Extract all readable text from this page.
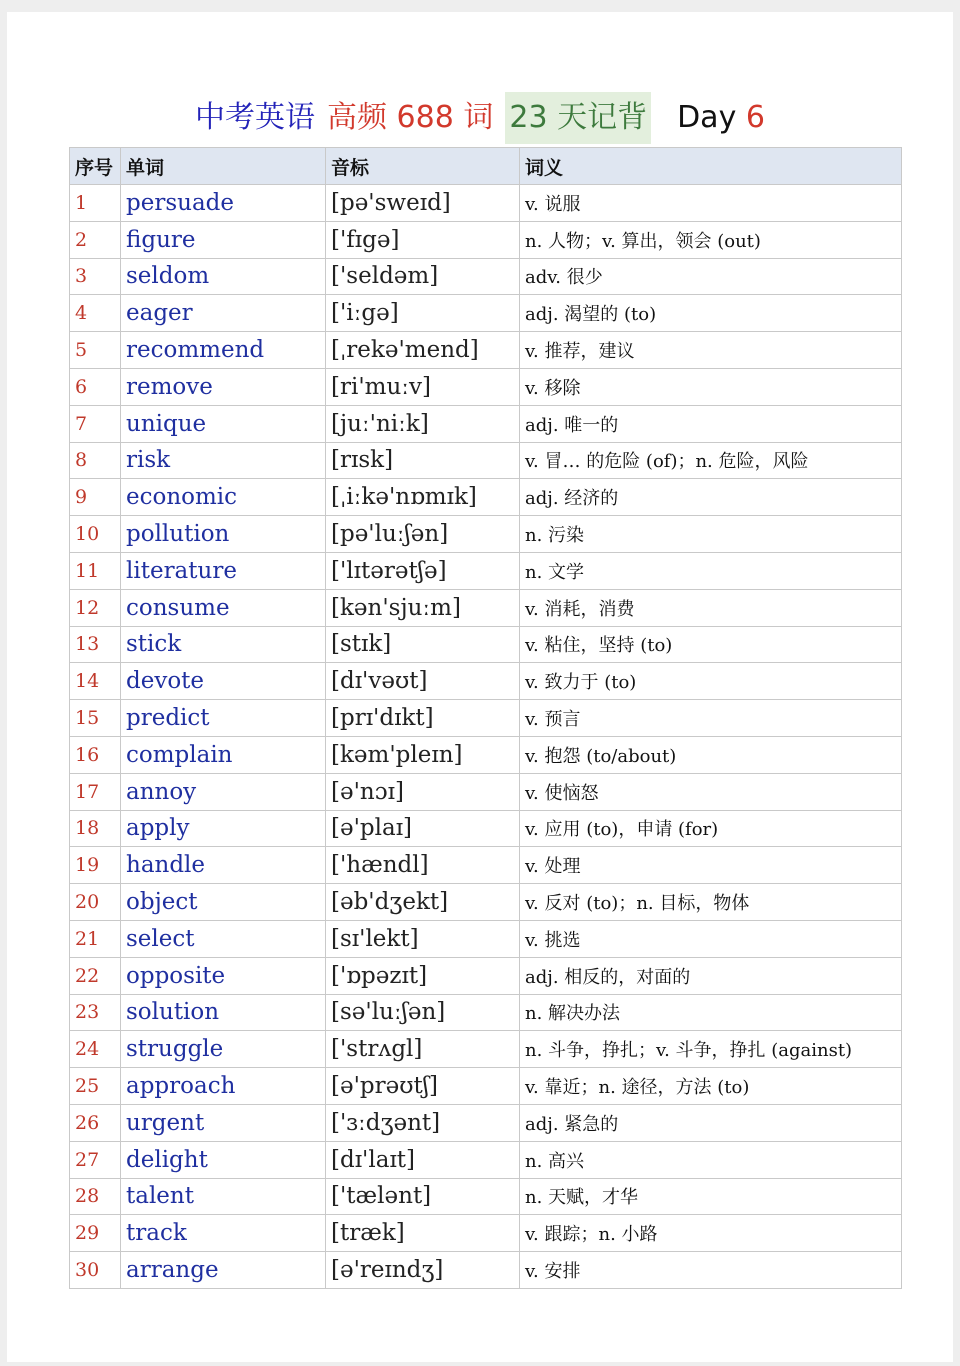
中考英语 高频 688 词 23 天记背 Day 6
序号	单词	音标	词义
1	persuade	[pə'sweɪd]	v. 说服
2	figure	['fɪgə]	n. 人物；v. 算出，领会 (out)
3	seldom	['seldəm]	adv. 很少
4	eager	['iːgə]	adj. 渴望的 (to)
5	recommend	[ˌrekə'mend]	v. 推荐，建议
6	remove	[ri'muːv]	v. 移除
7	unique	[juː'niːk]	adj. 唯一的
8	risk	[rɪsk]	v. 冒… 的危险 (of)；n. 危险，风险
9	economic	[ˌiːkə'nɒmɪk]	adj. 经济的
10	pollution	[pə'luːʃən]	n. 污染
11	literature	['lɪtərətʃə]	n. 文学
12	consume	[kən'sjuːm]	v. 消耗，消费
13	stick	[stɪk]	v. 粘住，坚持 (to)
14	devote	[dɪ'vəʊt]	v. 致力于 (to)
15	predict	[prɪ'dɪkt]	v. 预言
16	complain	[kəm'pleɪn]	v. 抱怨 (to/about)
17	annoy	[ə'nɔɪ]	v. 使恼怒
18	apply	[ə'plaɪ]	v. 应用 (to)，申请 (for)
19	handle	['hændl]	v. 处理
20	object	[əb'dʒekt]	v. 反对 (to)；n. 目标，物体
21	select	[sɪ'lekt]	v. 挑选
22	opposite	['ɒpəzɪt]	adj. 相反的，对面的
23	solution	[sə'luːʃən]	n. 解决办法
24	struggle	['strʌgl]	n. 斗争，挣扎；v. 斗争，挣扎 (against)
25	approach	[ə'prəʊtʃ]	v. 靠近；n. 途径，方法 (to)
26	urgent	['ɜːdʒənt]	adj. 紧急的
27	delight	[dɪ'laɪt]	n. 高兴
28	talent	['tælənt]	n. 天赋，才华
29	track	[træk]	v. 跟踪；n. 小路
30	arrange	[ə'reɪndʒ]	v. 安排
